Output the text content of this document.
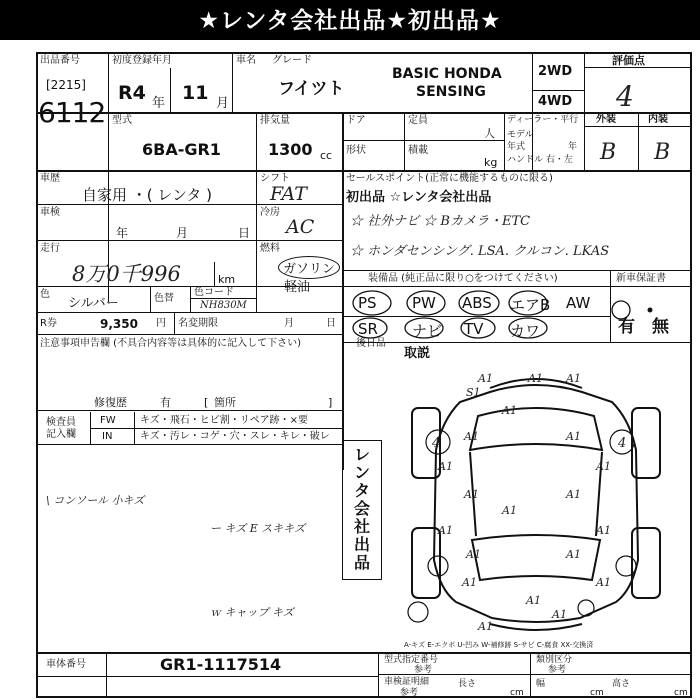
★レンタ会社出品★初出品★
出品番号
[2215]
6112
初度登録年月
R4 年 11 月
車名 グレード
フイツト
BASIC HONDA
SENSING
2WD
4WD
評価点
4
型式
6BA-GR1
排気量
1300 cc
ドア	定員
人
形状	積載
kg
ディーラー・平行
モデル
年式	年
ハンドル 右・左
外装
B
内装
B
車歴
自家用 ・( レンタ )
シフト
FAT
車検
年	月	日
冷房
AC
走行
8万0千996	km
燃料
ガソリン
軽油
色
シルバー	色替
色コード
NH830M
R券	9,350 円 名変期限	月	日
注意事項申告欄 (不具合内容等は具体的に記入して下さい)
修復歴	有	[ 箇所	]
検査員
記入欄
FW キズ・飛石・ヒビ割・リペア跡・×要
IN	キズ・汚レ・コゲ・穴・スレ・キレ・破レ
\ コンソール 小キズ
ー キズ E スキキズ
ｗ キャップ キズ
レンタ会社出品
セールスポイント(正常に機能するものに限る)
初出品 ☆レンタ会社出品
☆ 社外ナビ ☆ Bカメラ・ETC
☆ ホンダセンシング. LSA. クルコン. LKAS
装備品 (純正品に限り○をつけてください)	新車保証書
PS PW ABS エアB AW
SR ナビ TV カワ	有 無
後日品
取説
A1	A1 A1
S1
A1
A1	A1
A1	A1
A1	A1
A1
A1	A1
A1	A1
A1	A1
A1
A1
A1
4	4
A-キズ E-エクボ U-凹み W-補修跡 S-サビ C-腐食 XX-交換済
車体番号	GR1-1117514	型式指定番号
参考
類別区分
参考
車検証明細
参考
長さ
cm
幅
cm
高さ
cm
